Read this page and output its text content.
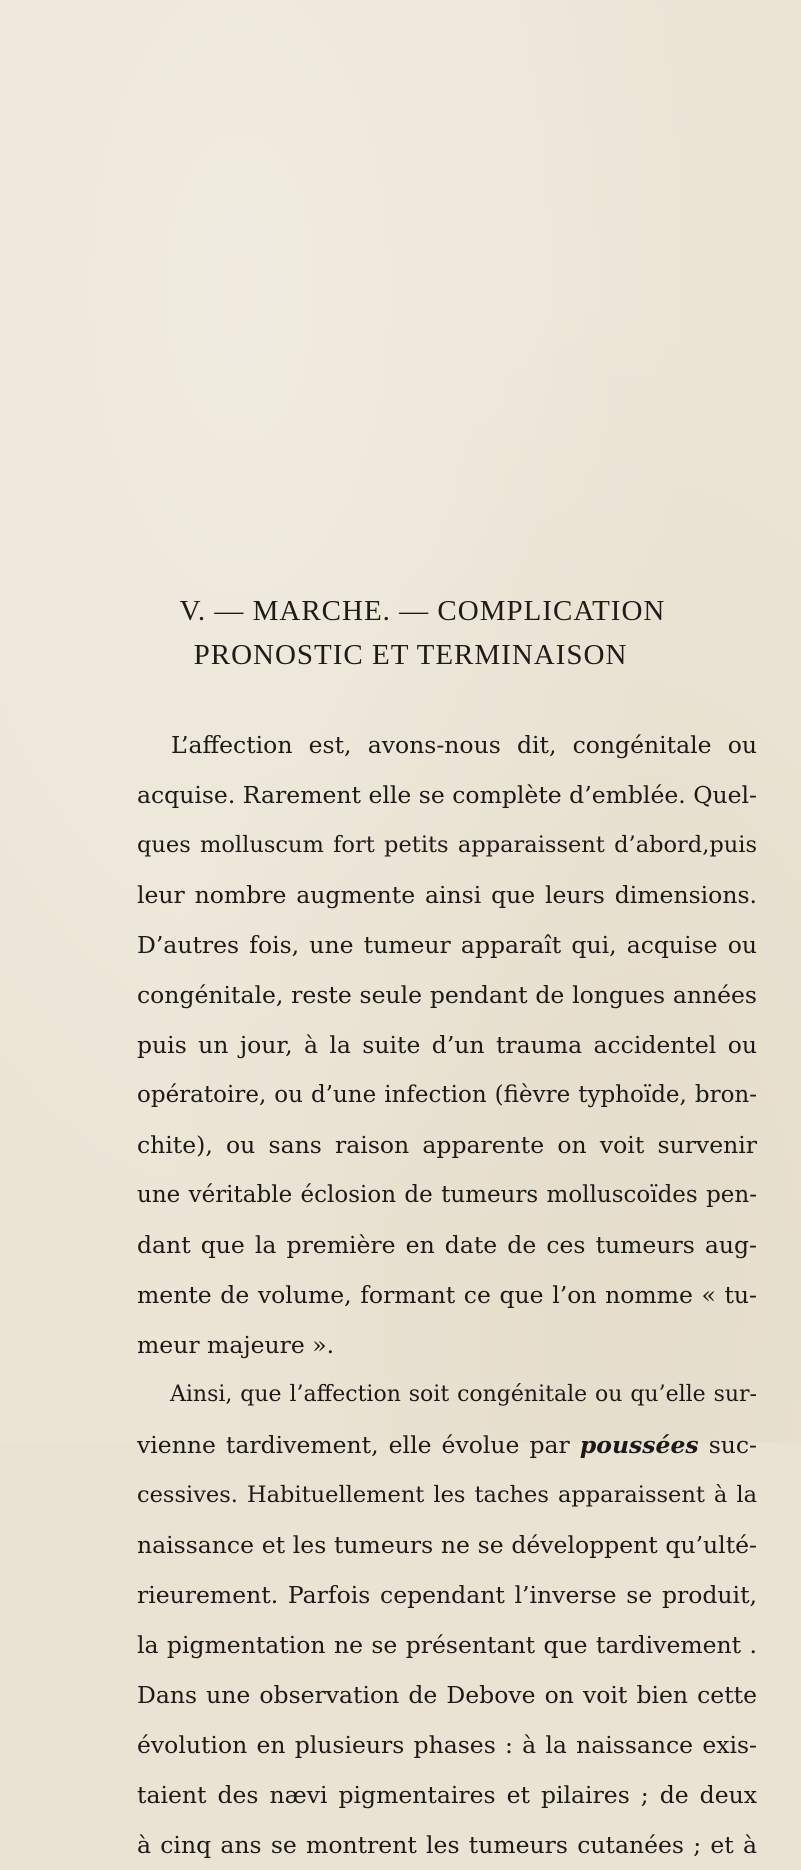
V. — MARCHE. — COMPLICATION
PRONOSTIC ET TERMINAISON
L’affection est, avons-nous dit, congénitale ou
acquise. Rarement elle se complète d’emblée. Quel-
ques molluscum fort petits apparaissent d’abord,puis
leur nombre augmente ainsi que leurs dimensions.
D’autres fois, une tumeur apparaît qui, acquise ou
congénitale, reste seule pendant de longues années
puis un jour, à la suite d’un trauma accidentel ou
opératoire, ou d’une infection (fièvre typhoïde, bron-
chite), ou sans raison apparente on voit survenir
une véritable éclosion de tumeurs molluscoïdes pen-
dant que la première en date de ces tumeurs aug-
mente de volume, formant ce que l’on nomme « tu-
meur majeure ».
Ainsi, que l’affection soit congénitale ou qu’elle sur-
vienne tardivement, elle évolue par poussées suc-
cessives. Habituellement les taches apparaissent à la
naissance et les tumeurs ne se développent qu’ulté-
rieurement. Parfois cependant l’inverse se produit,
la pigmentation ne se présentant que tardivement .
Dans une observation de Debove on voit bien cette
évolution en plusieurs phases : à la naissance exis-
taient des nævi pigmentaires et pilaires ; de deux
à cinq ans se montrent les tumeurs cutanées ; et à
